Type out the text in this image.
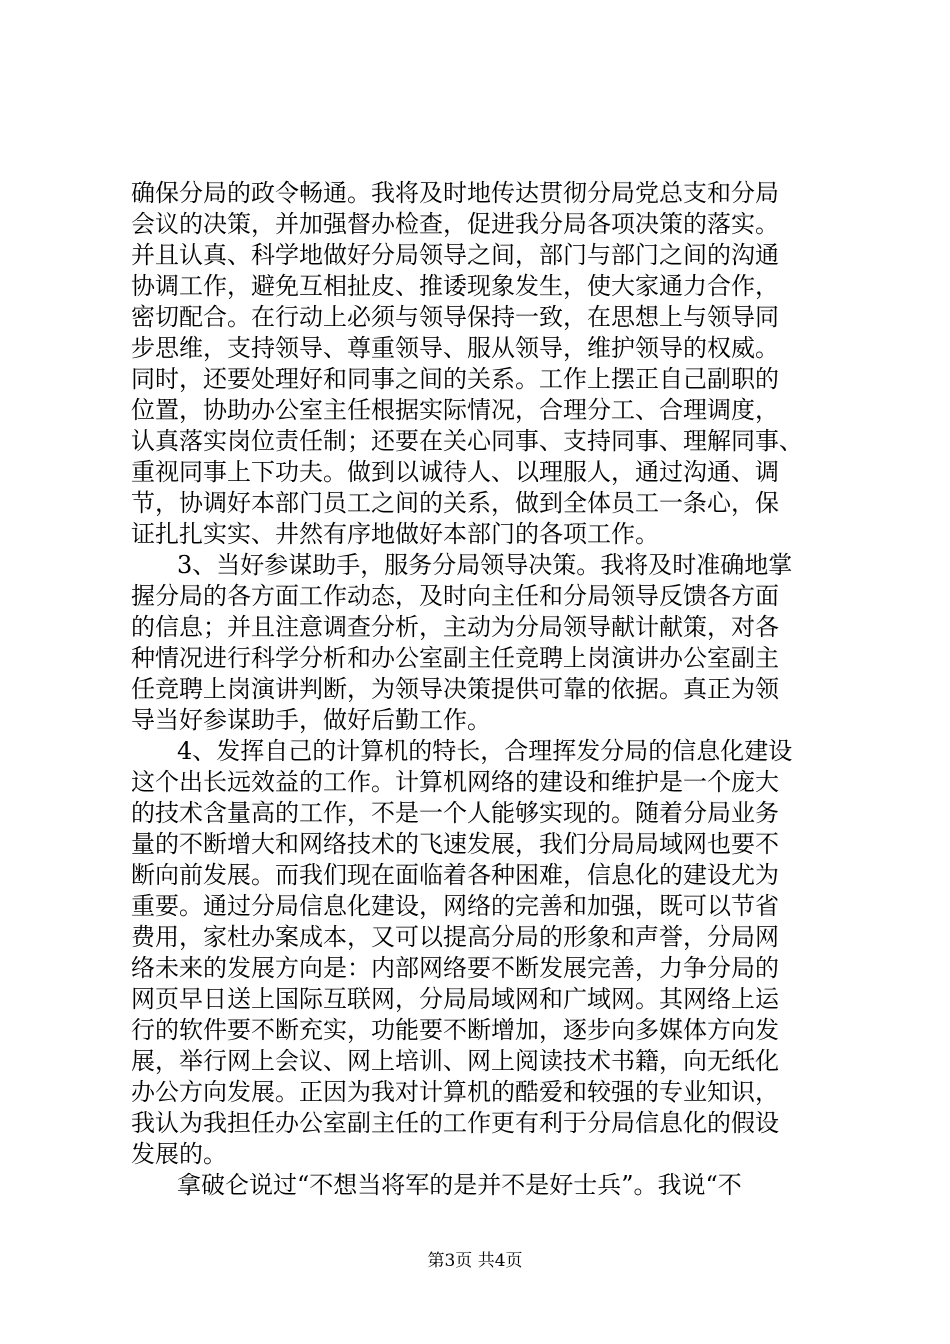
确保分局的政令畅通。我将及时地传达贯彻分局党总支和分局
会议的决策，并加强督办检查，促进我分局各项决策的落实。
并且认真、科学地做好分局领导之间，部门与部门之间的沟通
协调工作，避免互相扯皮、推诿现象发生，使大家通力合作，
密切配合。在行动上必须与领导保持一致，在思想上与领导同
步思维，支持领导、尊重领导、服从领导，维护领导的权威。
同时，还要处理好和同事之间的关系。工作上摆正自己副职的
位置，协助办公室主任根据实际情况，合理分工、合理调度，
认真落实岗位责任制；还要在关心同事、支持同事、理解同事、
重视同事上下功夫。做到以诚待人、以理服人，通过沟通、调
节，协调好本部门员工之间的关系，做到全体员工一条心，保
证扎扎实实、井然有序地做好本部门的各项工作。
3、当好参谋助手，服务分局领导决策。我将及时准确地掌
握分局的各方面工作动态，及时向主任和分局领导反馈各方面
的信息；并且注意调查分析，主动为分局领导献计献策，对各
种情况进行科学分析和办公室副主任竞聘上岗演讲办公室副主
任竞聘上岗演讲判断，为领导决策提供可靠的依据。真正为领
导当好参谋助手，做好后勤工作。
4、发挥自己的计算机的特长，合理挥发分局的信息化建设
这个出长远效益的工作。计算机网络的建设和维护是一个庞大
的技术含量高的工作，不是一个人能够实现的。随着分局业务
量的不断增大和网络技术的飞速发展，我们分局局域网也要不
断向前发展。而我们现在面临着各种困难，信息化的建设尤为
重要。通过分局信息化建设，网络的完善和加强，既可以节省
费用，家杜办案成本，又可以提高分局的形象和声誉，分局网
络未来的发展方向是：内部网络要不断发展完善，力争分局的
网页早日送上国际互联网，分局局域网和广域网。其网络上运
行的软件要不断充实，功能要不断增加，逐步向多媒体方向发
展，举行网上会议、网上培训、网上阅读技术书籍，向无纸化
办公方向发展。正因为我对计算机的酷爱和较强的专业知识，
我认为我担任办公室副主任的工作更有利于分局信息化的假设
发展的。
拿破仑说过“不想当将军的是并不是好士兵”。我说“不
第3页 共4页
